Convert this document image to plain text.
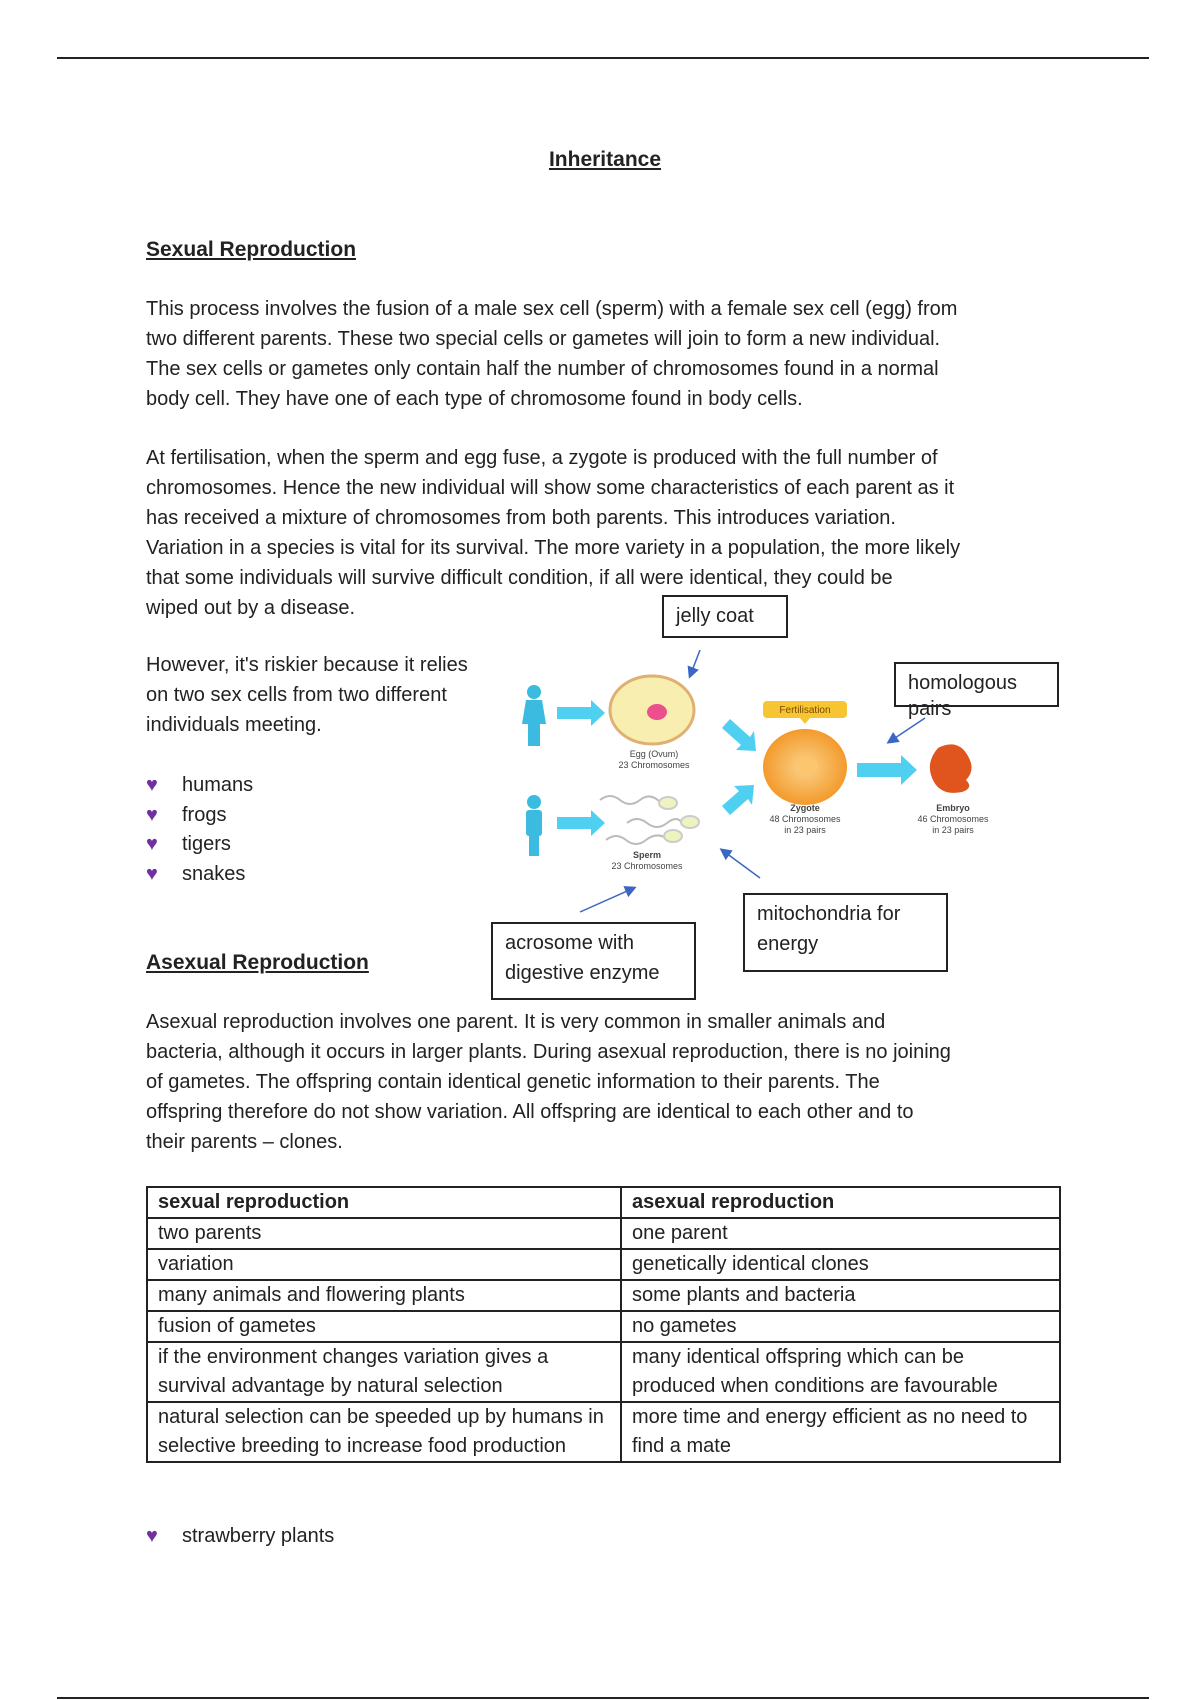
Inheritance
Sexual Reproduction
This process involves the fusion of a male sex cell (sperm) with a female sex cell (egg) from
two different parents. These two special cells or gametes will join to form a new individual.
The sex cells or gametes only contain half the number of chromosomes found in a normal
body cell. They have one of each type of chromosome found in body cells.
At fertilisation, when the sperm and egg fuse, a zygote is produced with the full number of
chromosomes. Hence the new individual will show some characteristics of each parent as it
has received a mixture of chromosomes from both parents. This introduces variation.
Variation in a species is vital for its survival. The more variety in a population, the more likely
that some individuals will survive difficult condition, if all were identical, they could be
wiped out by a disease.
However, it's riskier because it relies
on two sex cells from two different
individuals meeting.
♥	humans
♥	frogs
♥	tigers
♥	snakes
Egg (Ovum)
23 Chromosomes
Sperm
23 Chromosomes
Fertilisation
Zygote
48 Chromosomes
in 23 pairs
Embryo
46 Chromosomes
in 23 pairs
jelly coat
homologous
pairs
acrosome with
digestive enzyme
mitochondria for
energy
Asexual Reproduction
Asexual reproduction involves one parent. It is very common in smaller animals and
bacteria, although it occurs in larger plants. During asexual reproduction, there is no joining
of gametes. The offspring contain identical genetic information to their parents. The
offspring therefore do not show variation. All offspring are identical to each other and to
their parents – clones.
sexual reproduction	asexual reproduction
two parents	one parent
variation	genetically identical clones
many animals and flowering plants	some plants and bacteria
fusion of gametes	no gametes
if the environment changes variation gives a survival advantage by natural selection	many identical offspring which can be produced when conditions are favourable
natural selection can be speeded up by humans in selective breeding to increase food production	more time and energy efficient as no need to find a mate
♥	strawberry plants
